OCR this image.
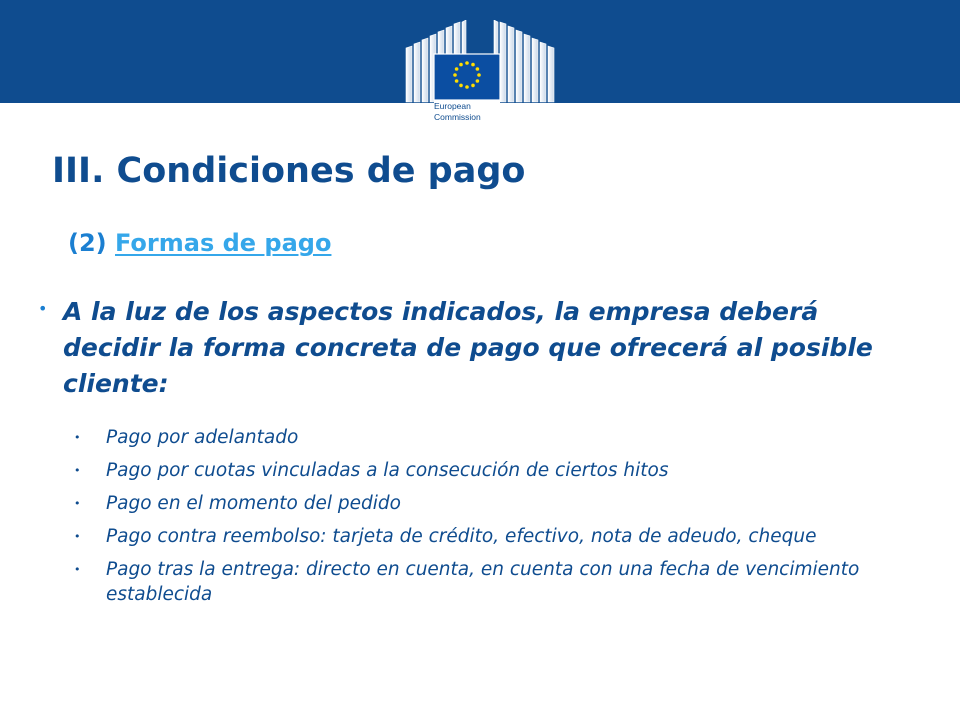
European
Commission
III. Condiciones de pago
(2) Formas de pago
• A la luz de los aspectos indicados, la empresa deberá decidir la forma concreta de pago que ofrecerá al posible cliente:
• Pago por adelantado
• Pago por cuotas vinculadas a la consecución de ciertos hitos
• Pago en el momento del pedido
• Pago contra reembolso: tarjeta de crédito, efectivo, nota de adeudo, cheque
• Pago tras la entrega: directo en cuenta, en cuenta con una fecha de vencimiento establecida
